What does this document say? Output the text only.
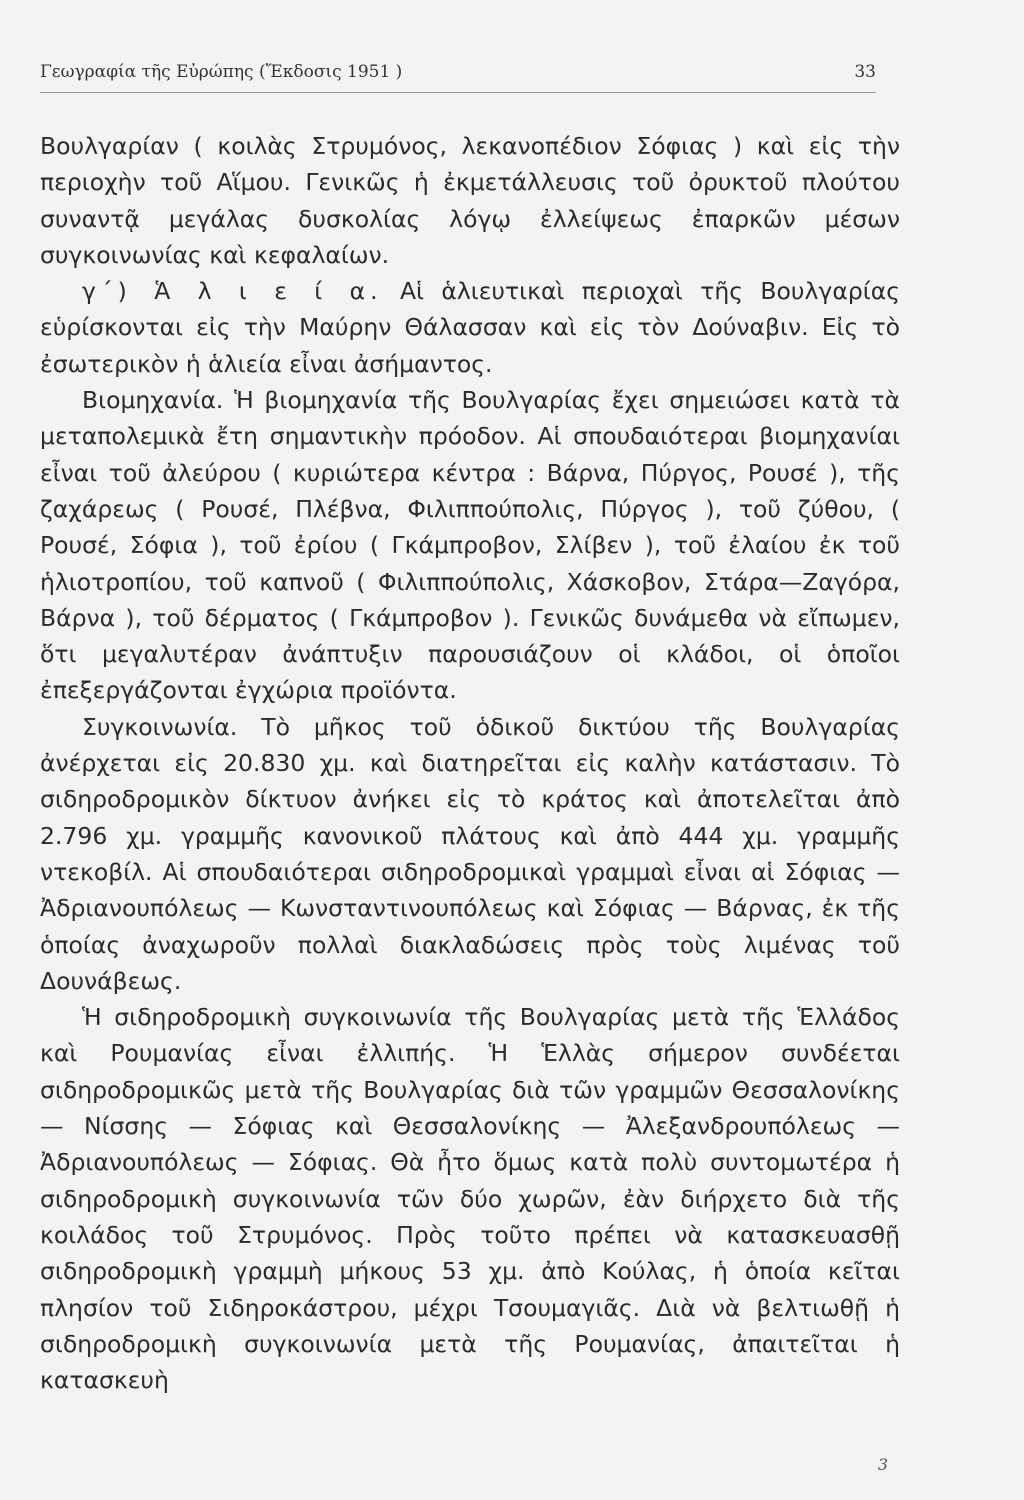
Γεωγραφία τῆς Εὐρώπης (Ἔκδοσις 1951 )	33

Βουλγαρίαν ( κοιλὰς Στρυμόνος, λεκανοπέδιον Σόφιας ) καὶ εἰς τὴν περιοχὴν τοῦ Αἵμου. Γενικῶς ἡ ἐκμετάλλευσις τοῦ ὀρυκτοῦ πλούτου συναντᾷ μεγάλας δυσκολίας λόγῳ ἐλλείψεως ἐπαρκῶν μέσων συγκοινωνίας καὶ κεφαλαίων.

γ΄) Ἁ λ ι ε ί α. Αἱ ἁλιευτικαὶ περιοχαὶ τῆς Βουλγαρίας εὑρίσκονται εἰς τὴν Μαύρην Θάλασσαν καὶ εἰς τὸν Δούναβιν. Εἰς τὸ ἐσωτερικὸν ἡ ἁλιεία εἶναι ἀσήμαντος.

Βιομηχανία. Ἡ βιομηχανία τῆς Βουλγαρίας ἔχει σημειώσει κατὰ τὰ μεταπολεμικὰ ἔτη σημαντικὴν πρόοδον. Αἱ σπουδαιότεραι βιομηχανίαι εἶναι τοῦ ἀλεύρου ( κυριώτερα κέντρα : Βάρνα, Πύργος, Ρουσέ ), τῆς ζαχάρεως ( Ρουσέ, Πλέβνα, Φιλιππούπολις, Πύργος ), τοῦ ζύθου, ( Ρουσέ, Σόφια ), τοῦ ἐρίου ( Γκάμπροβον, Σλίβεν ), τοῦ ἐλαίου ἐκ τοῦ ἡλιοτροπίου, τοῦ καπνοῦ ( Φιλιππούπολις, Χάσκοβον, Στάρα—Ζαγόρα, Βάρνα ), τοῦ δέρματος ( Γκάμπροβον ). Γενικῶς δυνάμεθα νὰ εἴπωμεν, ὅτι μεγαλυτέραν ἀνάπτυξιν παρουσιάζουν οἱ κλάδοι, οἱ ὁποῖοι ἐπεξεργάζονται ἐγχώρια προϊόντα.

Συγκοινωνία. Τὸ μῆκος τοῦ ὁδικοῦ δικτύου τῆς Βουλγαρίας ἀνέρχεται εἰς 20.830 χμ. καὶ διατηρεῖται εἰς καλὴν κατάστασιν. Τὸ σιδηροδρομικὸν δίκτυον ἀνήκει εἰς τὸ κράτος καὶ ἀποτελεῖται ἀπὸ 2.796 χμ. γραμμῆς κανονικοῦ πλάτους καὶ ἀπὸ 444 χμ. γραμμῆς ντεκοβίλ. Αἱ σπουδαιότεραι σιδηροδρομικαὶ γραμμαὶ εἶναι αἱ Σόφιας —Ἀδριανουπόλεως — Κωνσταντινουπόλεως καὶ Σόφιας — Βάρνας, ἐκ τῆς ὁποίας ἀναχωροῦν πολλαὶ διακλαδώσεις πρὸς τοὺς λιμένας τοῦ Δουνάβεως.

Ἡ σιδηροδρομικὴ συγκοινωνία τῆς Βουλγαρίας μετὰ τῆς Ἑλλάδος καὶ Ρουμανίας εἶναι ἐλλιπής. Ἡ Ἑλλὰς σήμερον συνδέεται σιδηροδρομικῶς μετὰ τῆς Βουλγαρίας διὰ τῶν γραμμῶν Θεσσαλονίκης — Νίσσης — Σόφιας καὶ Θεσσαλονίκης — Ἀλεξανδρουπόλεως — Ἀδριανουπόλεως — Σόφιας. Θὰ ἦτο ὅμως κατὰ πολὺ συντομωτέρα ἡ σιδηροδρομικὴ συγκοινωνία τῶν δύο χωρῶν, ἐὰν διήρχετο διὰ τῆς κοιλάδος τοῦ Στρυμόνος. Πρὸς τοῦτο πρέπει νὰ κατασκευασθῇ σιδηροδρομικὴ γραμμὴ μήκους 53 χμ. ἀπὸ Κούλας, ἡ ὁποία κεῖται πλησίον τοῦ Σιδηροκάστρου, μέχρι Τσουμαγιᾶς. Διὰ νὰ βελτιωθῇ ἡ σιδηροδρομικὴ συγκοινωνία μετὰ τῆς Ρουμανίας, ἀπαιτεῖται ἡ κατασκευὴ

3
